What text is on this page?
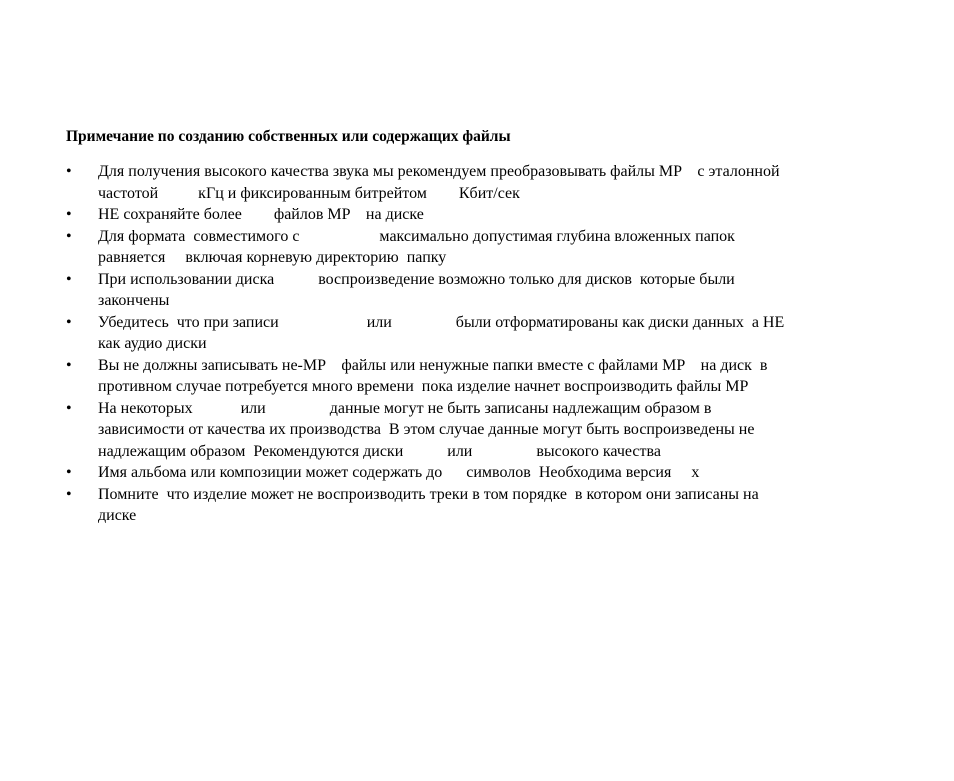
Примечание по созданию собственных или содержащих файлы
• Для получения высокого качества звука мы рекомендуем преобразовывать файлы MP    с эталонной
частотой          кГц и фиксированным битрейтом        Кбит/сек
• НЕ сохраняйте более        файлов MP    на диске
• Для формата  совместимого с                    максимально допустимая глубина вложенных папок
равняется     включая корневую директорию  папку
• При использовании диска           воспроизведение возможно только для дисков  которые были
закончены
• Убедитесь  что при записи                      или                были отформатированы как диски данных  а НЕ
как аудио диски
• Вы не должны записывать не-MP    файлы или ненужные папки вместе с файлами MP    на диск  в
противном случае потребуется много времени  пока изделие начнет воспроизводить файлы MP
• На некоторых            или                данные могут не быть записаны надлежащим образом в
зависимости от качества их производства  В этом случае данные могут быть воспроизведены не
надлежащим образом  Рекомендуются диски           или                высокого качества
• Имя альбома или композиции может содержать до      символов  Необходима версия     x
• Помните  что изделие может не воспроизводить треки в том порядке  в котором они записаны на
диске
